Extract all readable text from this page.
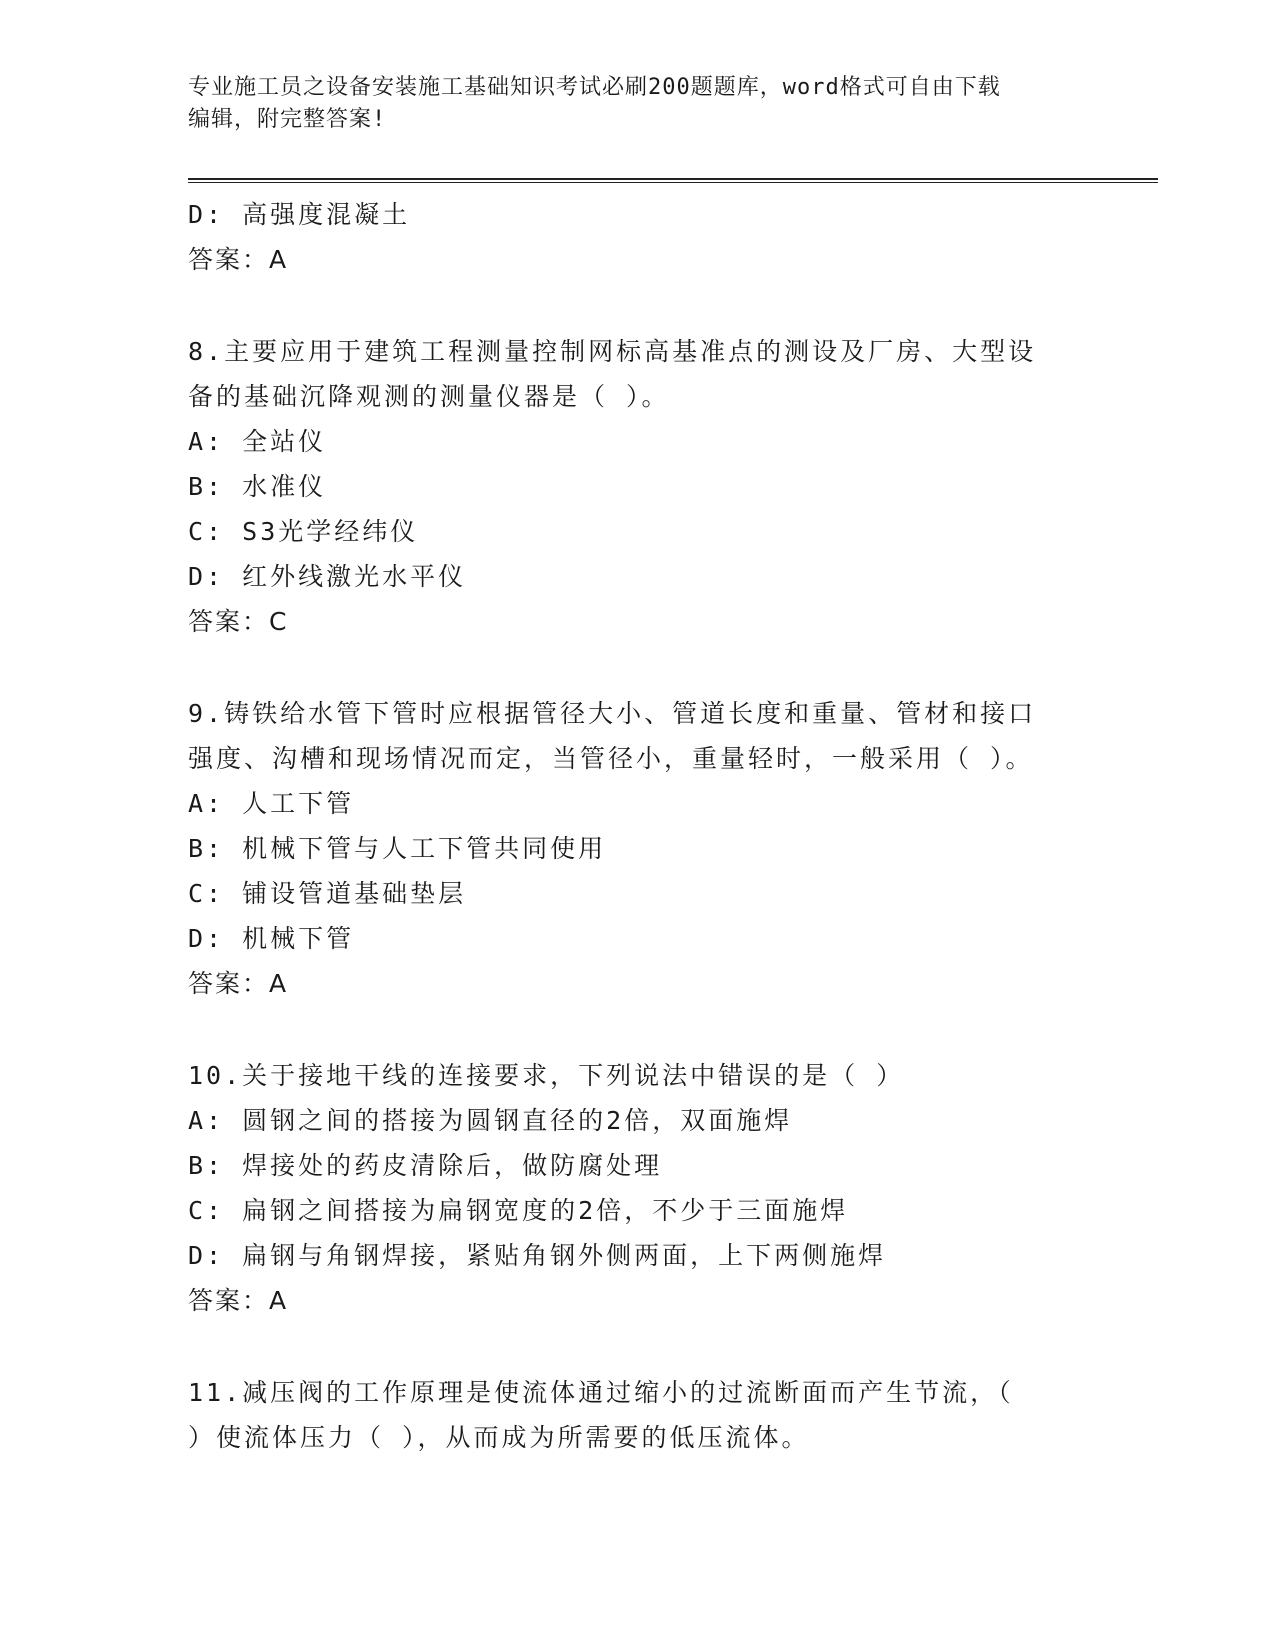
专业施工员之设备安装施工基础知识考试必刷200题题库，word格式可自由下载
编辑，附完整答案!
D: 高强度混凝土
答案：A
8.主要应用于建筑工程测量控制网标高基准点的测设及厂房、大型设
备的基础沉降观测的测量仪器是（ ）。
A: 全站仪
B: 水准仪
C: S3光学经纬仪
D: 红外线激光水平仪
答案：C
9.铸铁给水管下管时应根据管径大小、管道长度和重量、管材和接口
强度、沟槽和现场情况而定，当管径小，重量轻时，一般采用（ ）。
A: 人工下管
B: 机械下管与人工下管共同使用
C: 铺设管道基础垫层
D: 机械下管
答案：A
10.关于接地干线的连接要求，下列说法中错误的是（ ）
A: 圆钢之间的搭接为圆钢直径的2倍，双面施焊
B: 焊接处的药皮清除后，做防腐处理
C: 扁钢之间搭接为扁钢宽度的2倍，不少于三面施焊
D: 扁钢与角钢焊接，紧贴角钢外侧两面，上下两侧施焊
答案：A
11.减压阀的工作原理是使流体通过缩小的过流断面而产生节流，（
）使流体压力（ ），从而成为所需要的低压流体。
